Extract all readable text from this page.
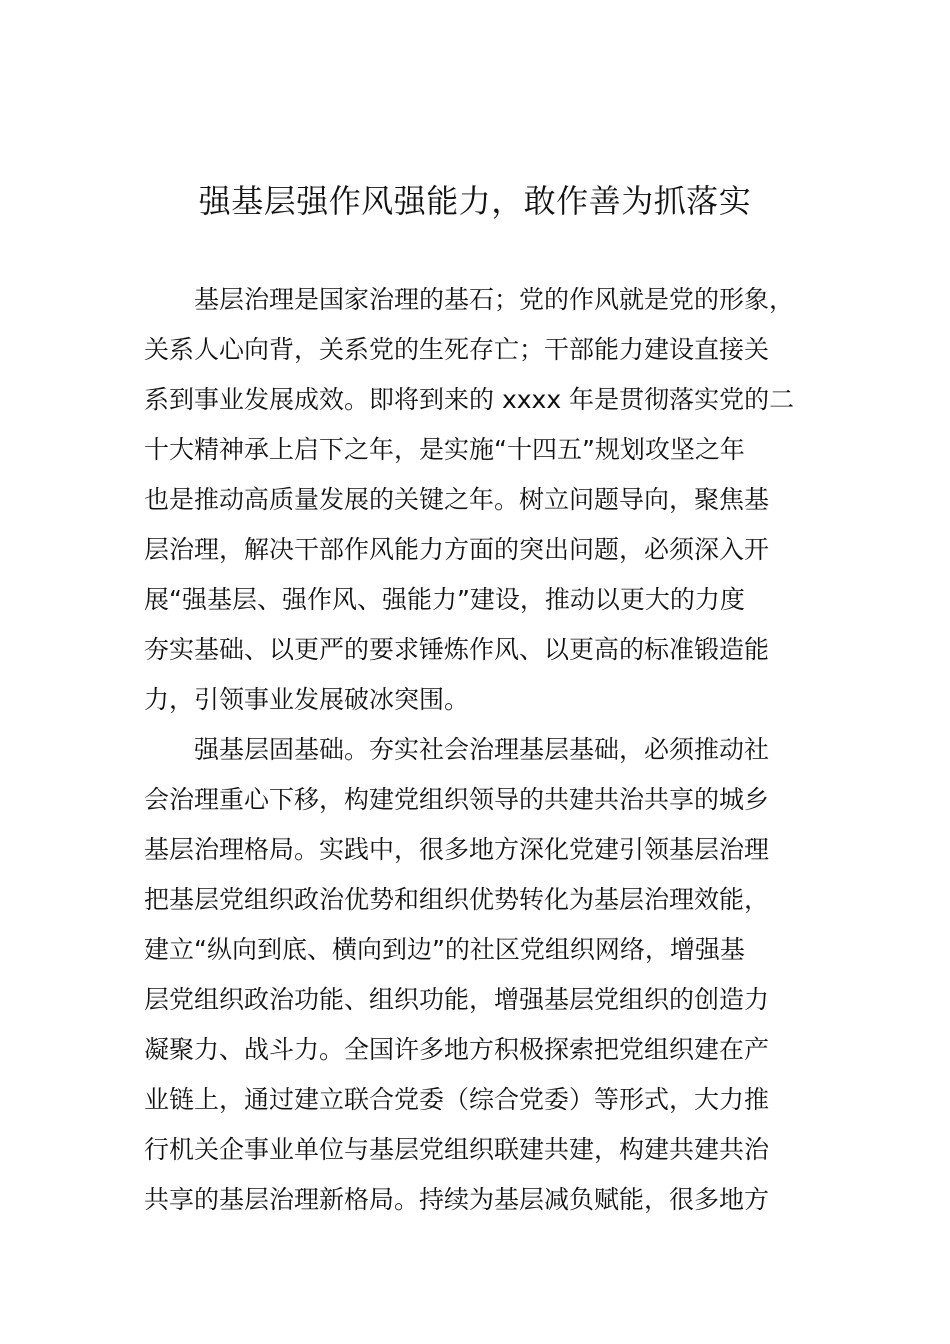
强基层强作风强能力，敢作善为抓落实
基层治理是国家治理的基石；党的作风就是党的形象，
关系人心向背，关系党的生死存亡；干部能力建设直接关
系到事业发展成效。即将到来的 xxxx 年是贯彻落实党的二
十大精神承上启下之年，是实施“十四五”规划攻坚之年
也是推动高质量发展的关键之年。树立问题导向，聚焦基
层治理，解决干部作风能力方面的突出问题，必须深入开
展“强基层、强作风、强能力”建设，推动以更大的力度
夯实基础、以更严的要求锤炼作风、以更高的标准锻造能
力，引领事业发展破冰突围。
强基层固基础。夯实社会治理基层基础，必须推动社
会治理重心下移，构建党组织领导的共建共治共享的城乡
基层治理格局。实践中，很多地方深化党建引领基层治理
把基层党组织政治优势和组织优势转化为基层治理效能，
建立“纵向到底、横向到边”的社区党组织网络，增强基
层党组织政治功能、组织功能，增强基层党组织的创造力
凝聚力、战斗力。全国许多地方积极探索把党组织建在产
业链上，通过建立联合党委（综合党委）等形式，大力推
行机关企事业单位与基层党组织联建共建，构建共建共治
共享的基层治理新格局。持续为基层减负赋能，很多地方
